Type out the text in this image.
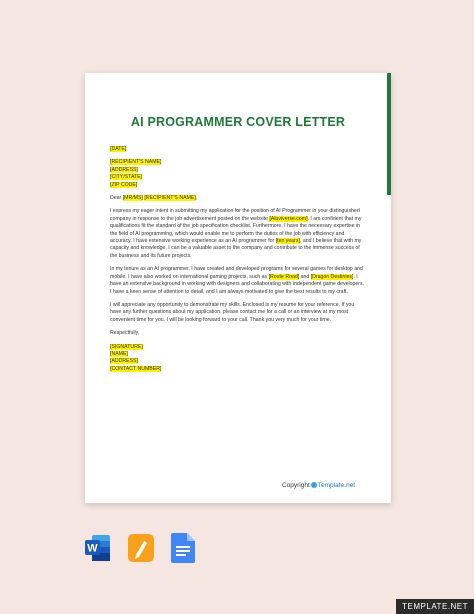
AI PROGRAMMER COVER LETTER
[DATE]
[RECIPIENT'S NAME]
[ADDRESS]
[CITY/STATE]
[ZIP CODE]

Dear [MR/MS] [RECIPIENT'S NAME],

I express my eager intent in submitting my application for the position of AI Programmer in your distinguished company in response to the job advertisement posted on the website [Aluviverse.com]. I am confident that my qualifications fit the standard of the job specification checklist. Furthermore, I have the necessary expertise in the field of AI programming, which would enable me to perform the duties of the job with efficiency and accuracy. I have extensive working experience as an AI programmer for [ten years], and I believe that with my capacity and knowledge, I can be a valuable asset to the company and contribute to the immense success of the business and its future projects.

In my tenure as an AI programmer, I have created and developed programs for several games for desktop and mobile. I have also worked on international gaming projects, such as [Route Road] and [Dragon Destinies]. I have an extensive background in working with designers and collaborating with independent game developers. I have a keen sense of attention to detail, and I am always motivated to give the best results to my craft.

I will appreciate any opportunity to demonstrate my skills. Enclosed is my resume for your reference. If you have any further questions about my application, please contact me for a call or an interview at my most convenient time for you. I will be looking forward to your call. Thank you very much for your time.

Respectfully,

[SIGNATURE]
[NAME]
[ADDRESS]
[CONTACT NUMBER]
Copyright Template.net
W
TEMPLATE.NET
